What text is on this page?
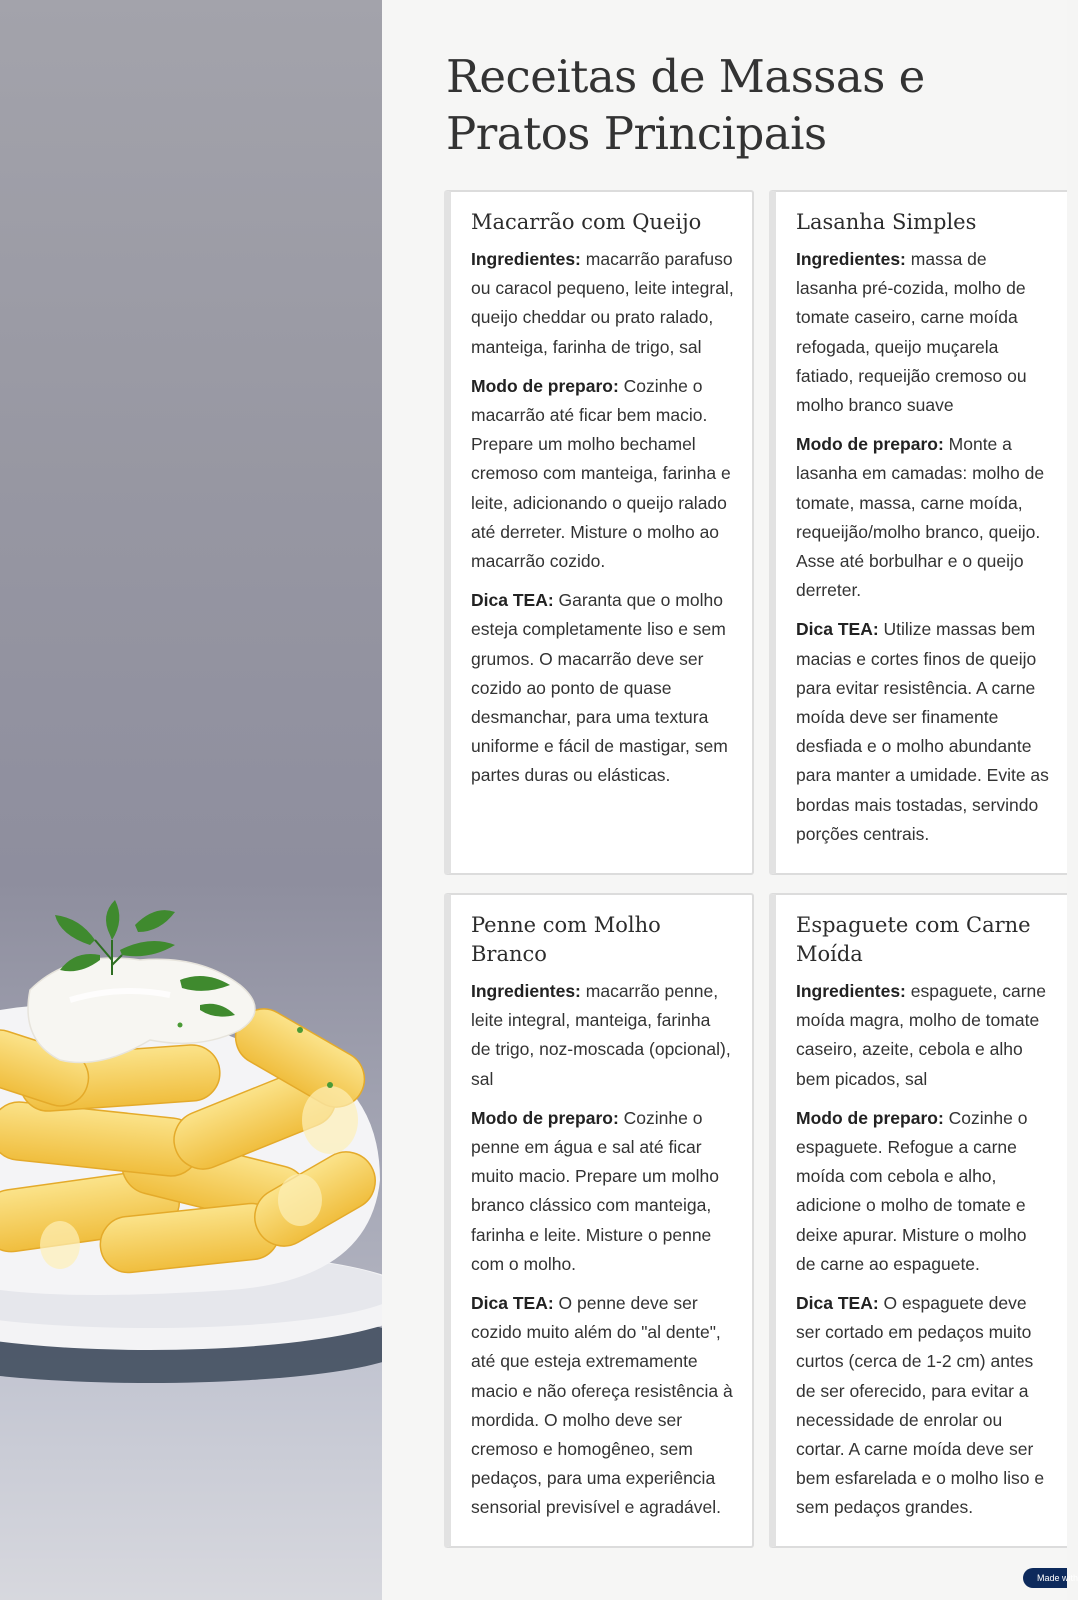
Receitas de Massas e Pratos Principais
Macarrão com Queijo

Ingredientes: macarrão parafuso ou caracol pequeno, leite integral, queijo cheddar ou prato ralado, manteiga, farinha de trigo, sal

Modo de preparo: Cozinhe o macarrão até ficar bem macio. Prepare um molho bechamel cremoso com manteiga, farinha e leite, adicionando o queijo ralado até derreter. Misture o molho ao macarrão cozido.

Dica TEA: Garanta que o molho esteja completamente liso e sem grumos. O macarrão deve ser cozido ao ponto de quase desmanchar, para uma textura uniforme e fácil de mastigar, sem partes duras ou elásticas.

Lasanha Simples

Ingredientes: massa de lasanha pré-cozida, molho de tomate caseiro, carne moída refogada, queijo muçarela fatiado, requeijão cremoso ou molho branco suave

Modo de preparo: Monte a lasanha em camadas: molho de tomate, massa, carne moída, requeijão/molho branco, queijo. Asse até borbulhar e o queijo derreter.

Dica TEA: Utilize massas bem macias e cortes finos de queijo para evitar resistência. A carne moída deve ser finamente desfiada e o molho abundante para manter a umidade. Evite as bordas mais tostadas, servindo porções centrais.

Penne com Molho Branco

Ingredientes: macarrão penne, leite integral, manteiga, farinha de trigo, noz-moscada (opcional), sal

Modo de preparo: Cozinhe o penne em água e sal até ficar muito macio. Prepare um molho branco clássico com manteiga, farinha e leite. Misture o penne com o molho.

Dica TEA: O penne deve ser cozido muito além do "al dente", até que esteja extremamente macio e não ofereça resistência à mordida. O molho deve ser cremoso e homogêneo, sem pedaços, para uma experiência sensorial previsível e agradável.

Espaguete com Carne Moída

Ingredientes: espaguete, carne moída magra, molho de tomate caseiro, azeite, cebola e alho bem picados, sal

Modo de preparo: Cozinhe o espaguete. Refogue a carne moída com cebola e alho, adicione o molho de tomate e deixe apurar. Misture o molho de carne ao espaguete.

Dica TEA: O espaguete deve ser cortado em pedaços muito curtos (cerca de 1-2 cm) antes de ser oferecido, para evitar a necessidade de enrolar ou cortar. A carne moída deve ser bem esfarelada e o molho liso e sem pedaços grandes.

Made with
